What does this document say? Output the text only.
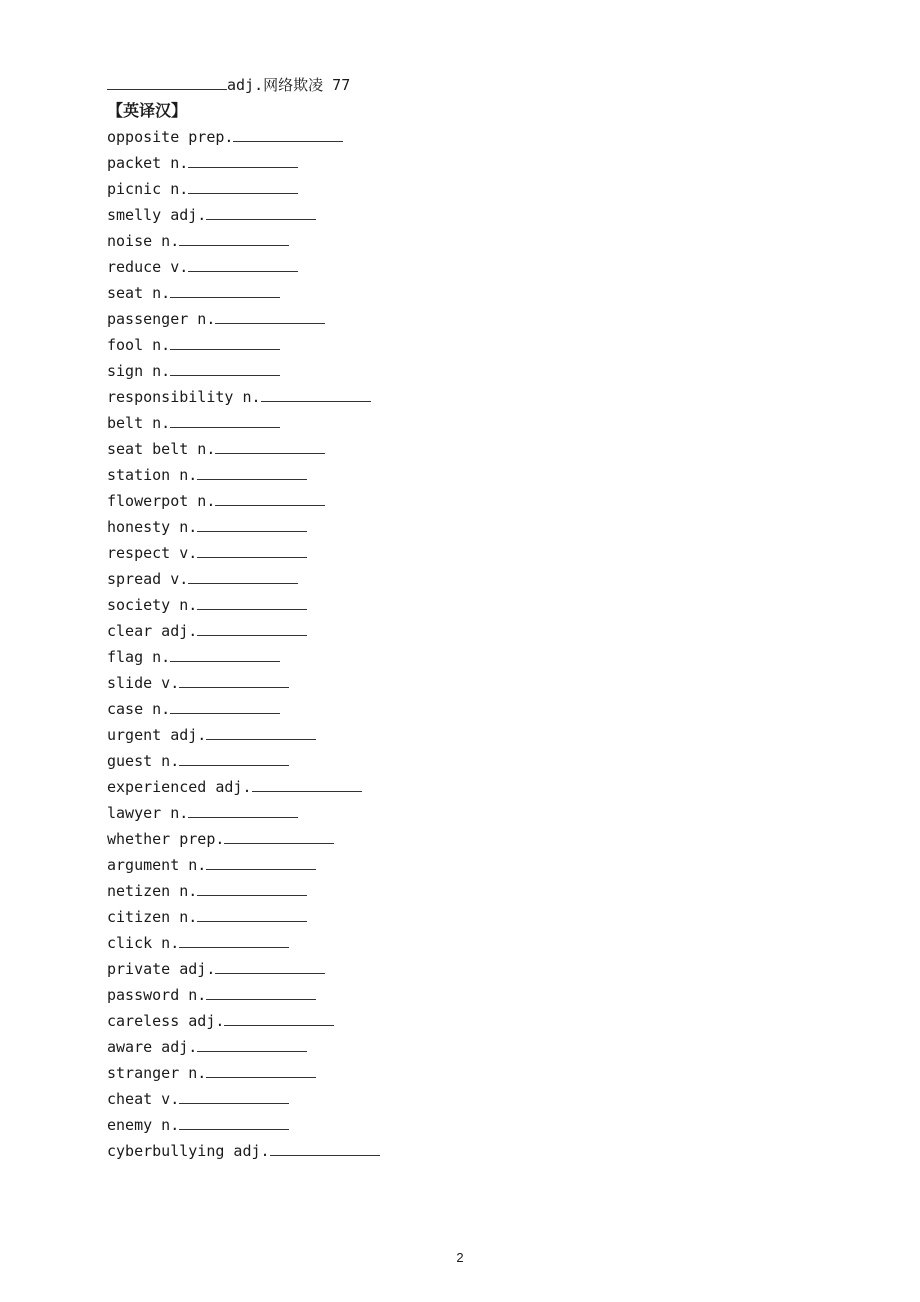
adj. 网络欺凌
77
【英译汉】
opposite prep.
packet n.
picnic n.
smelly adj.
noise n.
reduce v.
seat n.
passenger n.
fool n.
sign n.
responsibility n.
belt n.
seat belt n.
station n.
flowerpot n.
honesty n.
respect v.
spread v.
society n.
clear adj.
flag n.
slide v.
case n.
urgent adj.
guest n.
experienced adj.
lawyer n.
whether prep.
argument n.
netizen n.
citizen n.
click n.
private adj.
password n.
careless adj.
aware adj.
stranger n.
cheat v.
enemy n.
cyberbullying adj.
2
